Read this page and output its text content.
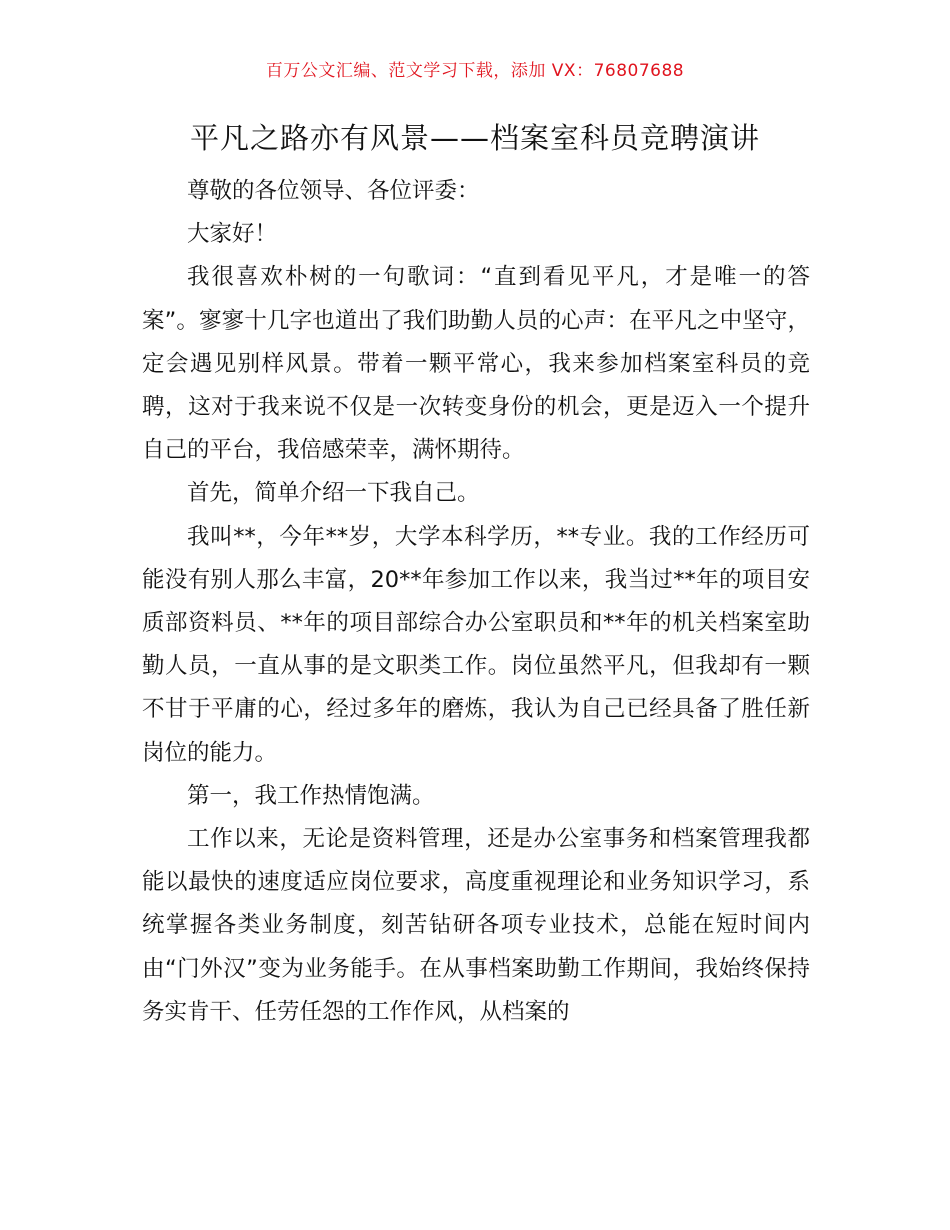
百万公文汇编、范文学习下载，添加 VX：76807688
平凡之路亦有风景——档案室科员竞聘演讲

尊敬的各位领导、各位评委：

大家好！

我很喜欢朴树的一句歌词：“直到看见平凡，才是唯一的答案”。寥寥十几字也道出了我们助勤人员的心声：在平凡之中坚守，定会遇见别样风景。带着一颗平常心，我来参加档案室科员的竞聘，这对于我来说不仅是一次转变身份的机会，更是迈入一个提升自己的平台，我倍感荣幸，满怀期待。

首先，简单介绍一下我自己。

我叫**，今年**岁，大学本科学历，**专业。我的工作经历可能没有别人那么丰富，20**年参加工作以来，我当过**年的项目安质部资料员、**年的项目部综合办公室职员和**年的机关档案室助勤人员，一直从事的是文职类工作。岗位虽然平凡，但我却有一颗不甘于平庸的心，经过多年的磨炼，我认为自己已经具备了胜任新岗位的能力。

第一，我工作热情饱满。

工作以来，无论是资料管理，还是办公室事务和档案管理我都能以最快的速度适应岗位要求，高度重视理论和业务知识学习，系统掌握各类业务制度，刻苦钻研各项专业技术，总能在短时间内由“门外汉”变为业务能手。在从事档案助勤工作期间，我始终保持务实肯干、任劳任怨的工作作风，从档案的
